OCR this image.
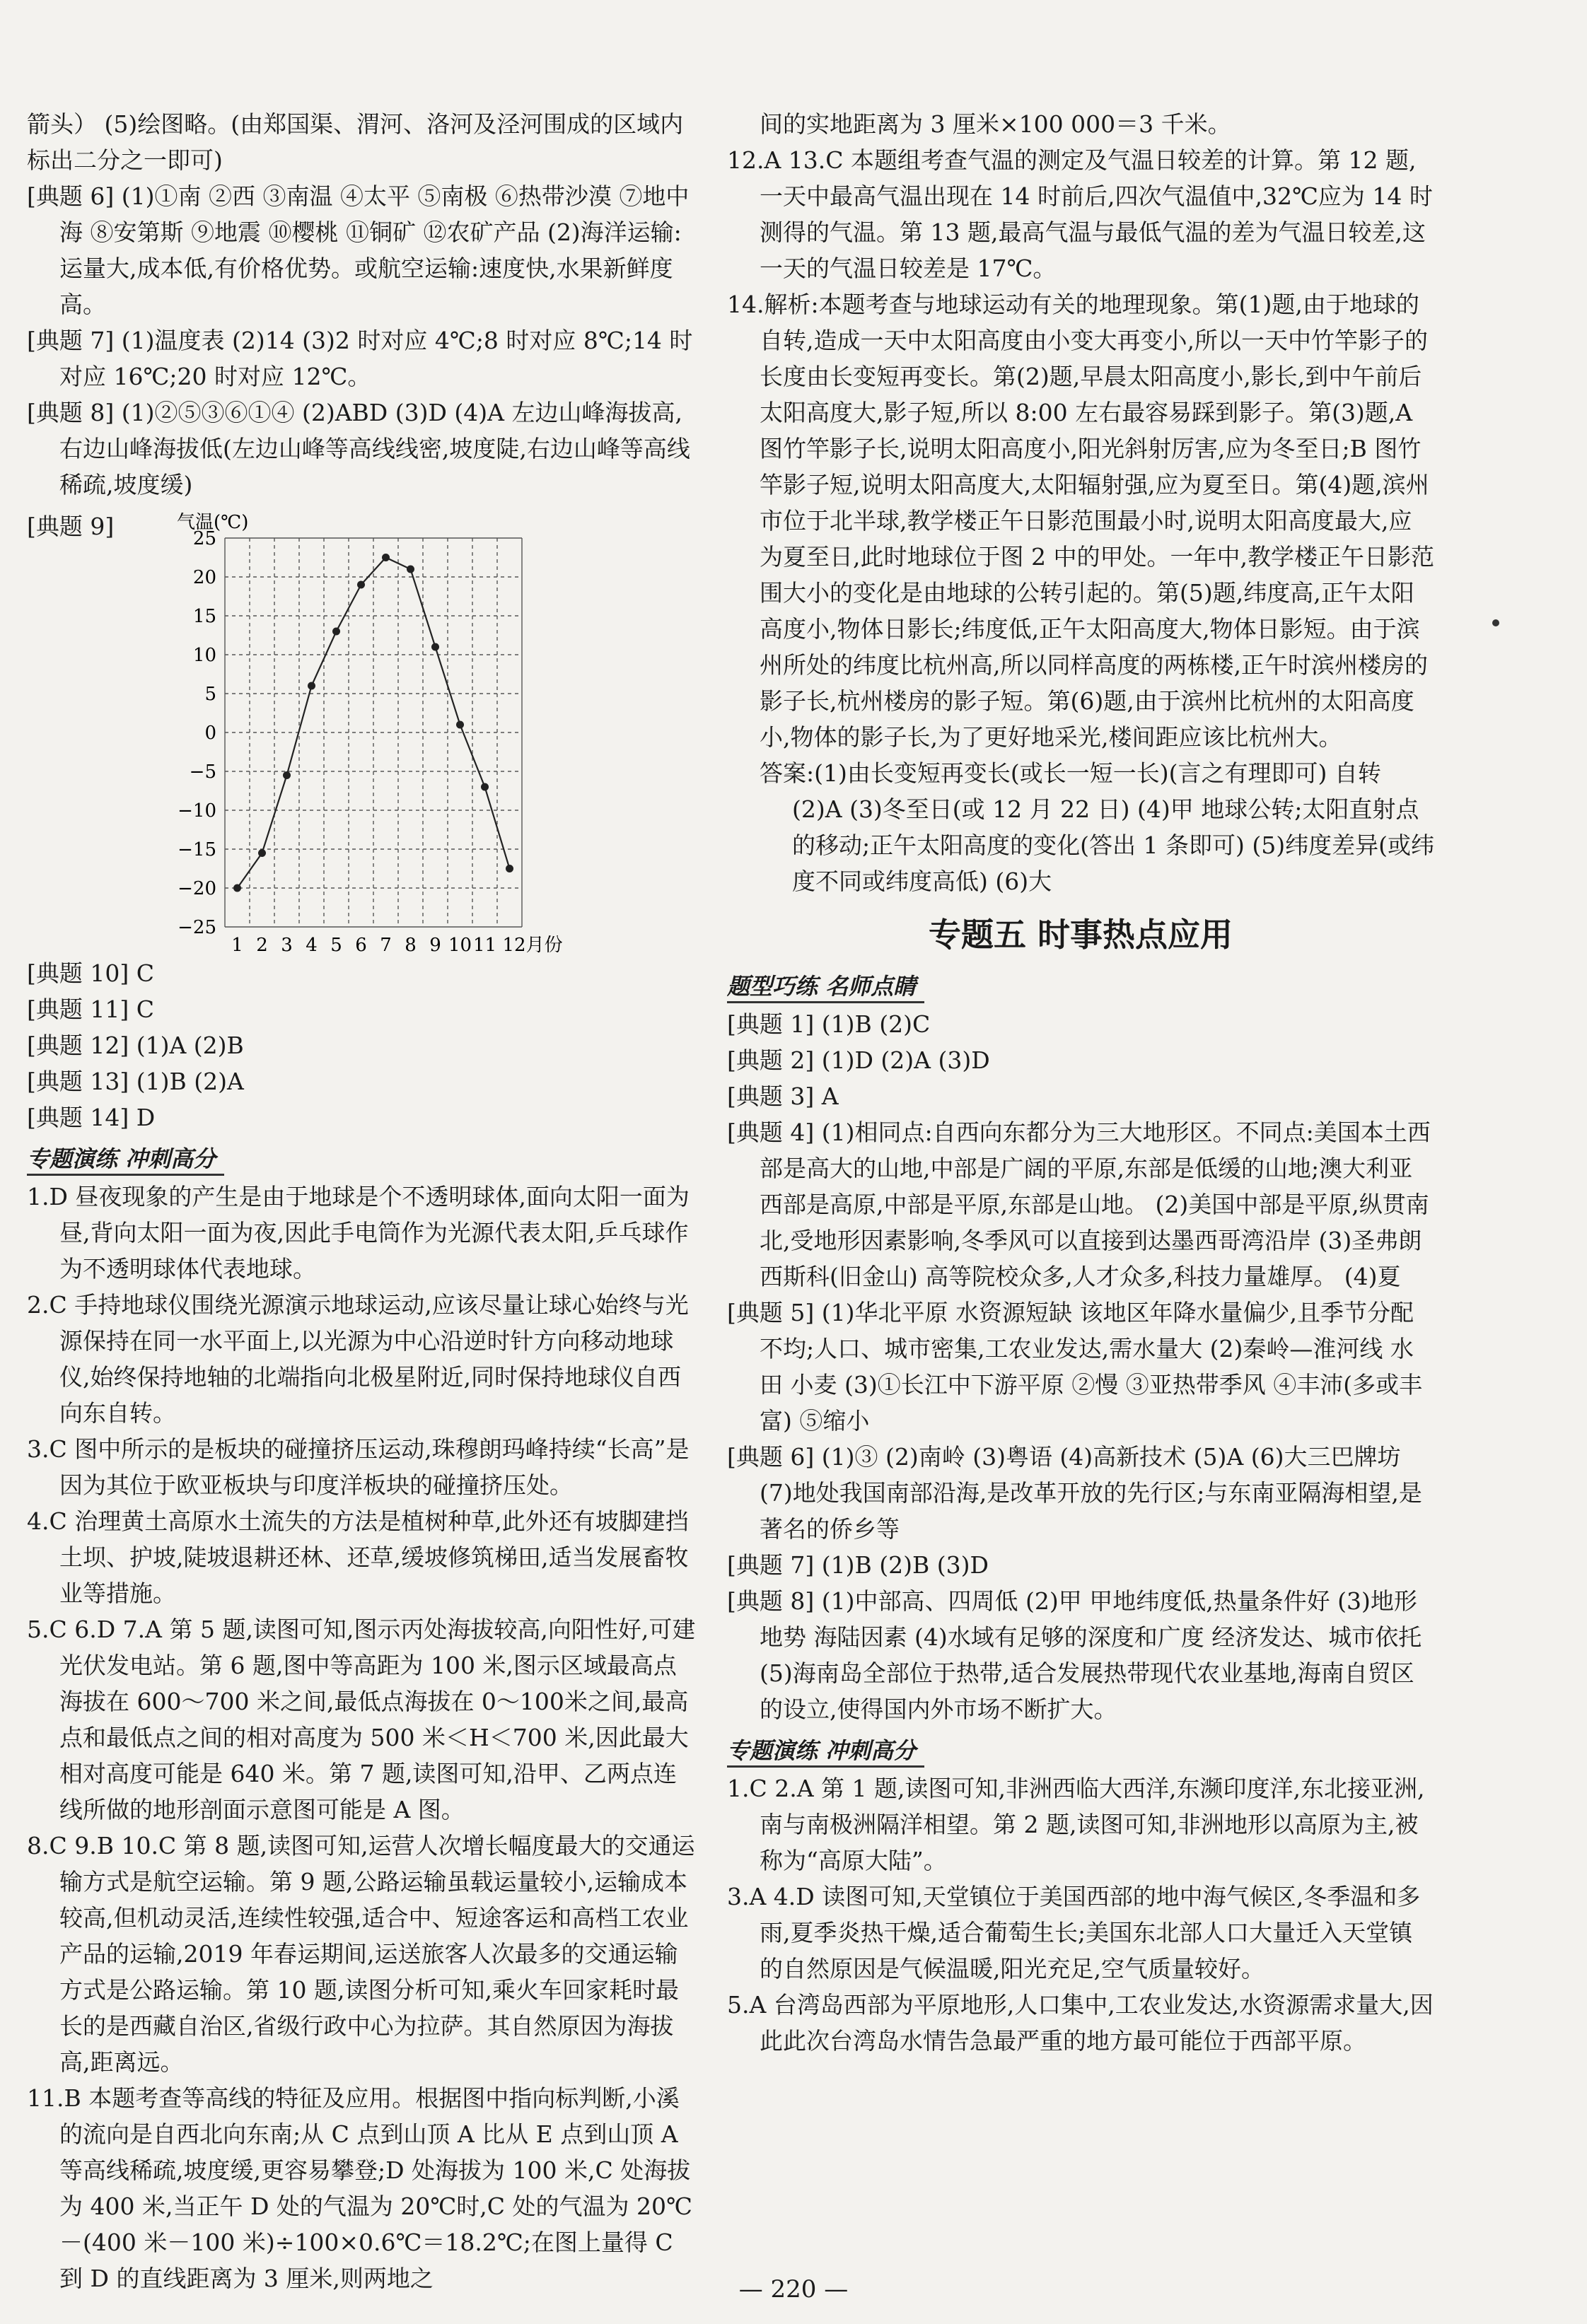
箭头） (5)绘图略。(由郑国渠、渭河、洛河及泾河围成的区域内标出二分之一即可)

[典题 6] (1)①南 ②西 ③南温 ④太平 ⑤南极 ⑥热带沙漠 ⑦地中海 ⑧安第斯 ⑨地震 ⑩樱桃 ⑪铜矿 ⑫农矿产品 (2)海洋运输:运量大,成本低,有价格优势。或航空运输:速度快,水果新鲜度高。

[典题 7] (1)温度表 (2)14 (3)2 时对应 4℃;8 时对应 8℃;14 时对应 16℃;20 时对应 12℃。

[典题 8] (1)②⑤③⑥①④ (2)ABD (3)D (4)A 左边山峰海拔高,右边山峰海拔低(左边山峰等高线线密,坡度陡,右边山峰等高线稀疏,坡度缓)

[典题 9]	气温(℃)
25
20
15
10
5
0
−5
−10
−15
−20
−25
1 2 3 4 5 6 7 8 9 10 11 12月份

[典题 10] C

[典题 11] C

[典题 12] (1)A (2)B

[典题 13] (1)B (2)A

[典题 14] D

专题演练 冲刺高分

1.D 昼夜现象的产生是由于地球是个不透明球体,面向太阳一面为昼,背向太阳一面为夜,因此手电筒作为光源代表太阳,乒乓球作为不透明球体代表地球。

2.C 手持地球仪围绕光源演示地球运动,应该尽量让球心始终与光源保持在同一水平面上,以光源为中心沿逆时针方向移动地球仪,始终保持地轴的北端指向北极星附近,同时保持地球仪自西向东自转。

3.C 图中所示的是板块的碰撞挤压运动,珠穆朗玛峰持续“长高”是因为其位于欧亚板块与印度洋板块的碰撞挤压处。

4.C 治理黄土高原水土流失的方法是植树种草,此外还有坡脚建挡土坝、护坡,陡坡退耕还林、还草,缓坡修筑梯田,适当发展畜牧业等措施。

5.C 6.D 7.A 第 5 题,读图可知,图示丙处海拔较高,向阳性好,可建光伏发电站。第 6 题,图中等高距为 100 米,图示区域最高点海拔在 600～700 米之间,最低点海拔在 0～100米之间,最高点和最低点之间的相对高度为 500 米＜H＜700 米,因此最大相对高度可能是 640 米。第 7 题,读图可知,沿甲、乙两点连线所做的地形剖面示意图可能是 A 图。

8.C 9.B 10.C 第 8 题,读图可知,运营人次增长幅度最大的交通运输方式是航空运输。第 9 题,公路运输虽载运量较小,运输成本较高,但机动灵活,连续性较强,适合中、短途客运和高档工农业产品的运输,2019 年春运期间,运送旅客人次最多的交通运输方式是公路运输。第 10 题,读图分析可知,乘火车回家耗时最长的是西藏自治区,省级行政中心为拉萨。其自然原因为海拔高,距离远。

11.B 本题考查等高线的特征及应用。根据图中指向标判断,小溪的流向是自西北向东南;从 C 点到山顶 A 比从 E 点到山顶 A 等高线稀疏,坡度缓,更容易攀登;D 处海拔为 100 米,C 处海拔为 400 米,当正午 D 处的气温为 20℃时,C 处的气温为 20℃－(400 米－100 米)÷100×0.6℃＝18.2℃;在图上量得 C 到 D 的直线距离为 3 厘米,则两地之

间的实地距离为 3 厘米×100 000＝3 千米。

12.A 13.C 本题组考查气温的测定及气温日较差的计算。第 12 题,一天中最高气温出现在 14 时前后,四次气温值中,32℃应为 14 时测得的气温。第 13 题,最高气温与最低气温的差为气温日较差,这一天的气温日较差是 17℃。

14.解析:本题考查与地球运动有关的地理现象。第(1)题,由于地球的自转,造成一天中太阳高度由小变大再变小,所以一天中竹竿影子的长度由长变短再变长。第(2)题,早晨太阳高度小,影长,到中午前后太阳高度大,影子短,所以 8:00 左右最容易踩到影子。第(3)题,A 图竹竿影子长,说明太阳高度小,阳光斜射厉害,应为冬至日;B 图竹竿影子短,说明太阳高度大,太阳辐射强,应为夏至日。第(4)题,滨州市位于北半球,教学楼正午日影范围最小时,说明太阳高度最大,应为夏至日,此时地球位于图 2 中的甲处。一年中,教学楼正午日影范围大小的变化是由地球的公转引起的。第(5)题,纬度高,正午太阳高度小,物体日影长;纬度低,正午太阳高度大,物体日影短。由于滨州所处的纬度比杭州高,所以同样高度的两栋楼,正午时滨州楼房的影子长,杭州楼房的影子短。第(6)题,由于滨州比杭州的太阳高度小,物体的影子长,为了更好地采光,楼间距应该比杭州大。

答案:(1)由长变短再变长(或长一短一长)(言之有理即可) 自转 (2)A (3)冬至日(或 12 月 22 日) (4)甲 地球公转;太阳直射点的移动;正午太阳高度的变化(答出 1 条即可) (5)纬度差异(或纬度不同或纬度高低) (6)大

专题五 时事热点应用
题型巧练 名师点睛

[典题 1] (1)B (2)C

[典题 2] (1)D (2)A (3)D

[典题 3] A

[典题 4] (1)相同点:自西向东都分为三大地形区。不同点:美国本土西部是高大的山地,中部是广阔的平原,东部是低缓的山地;澳大利亚西部是高原,中部是平原,东部是山地。 (2)美国中部是平原,纵贯南北,受地形因素影响,冬季风可以直接到达墨西哥湾沿岸 (3)圣弗朗西斯科(旧金山) 高等院校众多,人才众多,科技力量雄厚。 (4)夏

[典题 5] (1)华北平原 水资源短缺 该地区年降水量偏少,且季节分配不均;人口、城市密集,工农业发达,需水量大 (2)秦岭—淮河线 水田 小麦 (3)①长江中下游平原 ②慢 ③亚热带季风 ④丰沛(多或丰富) ⑤缩小

[典题 6] (1)③ (2)南岭 (3)粤语 (4)高新技术 (5)A (6)大三巴牌坊 (7)地处我国南部沿海,是改革开放的先行区;与东南亚隔海相望,是著名的侨乡等

[典题 7] (1)B (2)B (3)D

[典题 8] (1)中部高、四周低 (2)甲 甲地纬度低,热量条件好 (3)地形地势 海陆因素 (4)水域有足够的深度和广度 经济发达、城市依托 (5)海南岛全部位于热带,适合发展热带现代农业基地,海南自贸区的设立,使得国内外市场不断扩大。

专题演练 冲刺高分

1.C 2.A 第 1 题,读图可知,非洲西临大西洋,东濒印度洋,东北接亚洲,南与南极洲隔洋相望。第 2 题,读图可知,非洲地形以高原为主,被称为“高原大陆”。

3.A 4.D 读图可知,天堂镇位于美国西部的地中海气候区,冬季温和多雨,夏季炎热干燥,适合葡萄生长;美国东北部人口大量迁入天堂镇的自然原因是气候温暖,阳光充足,空气质量较好。

5.A 台湾岛西部为平原地形,人口集中,工农业发达,水资源需求量大,因此此次台湾岛水情告急最严重的地方最可能位于西部平原。

— 220 —
